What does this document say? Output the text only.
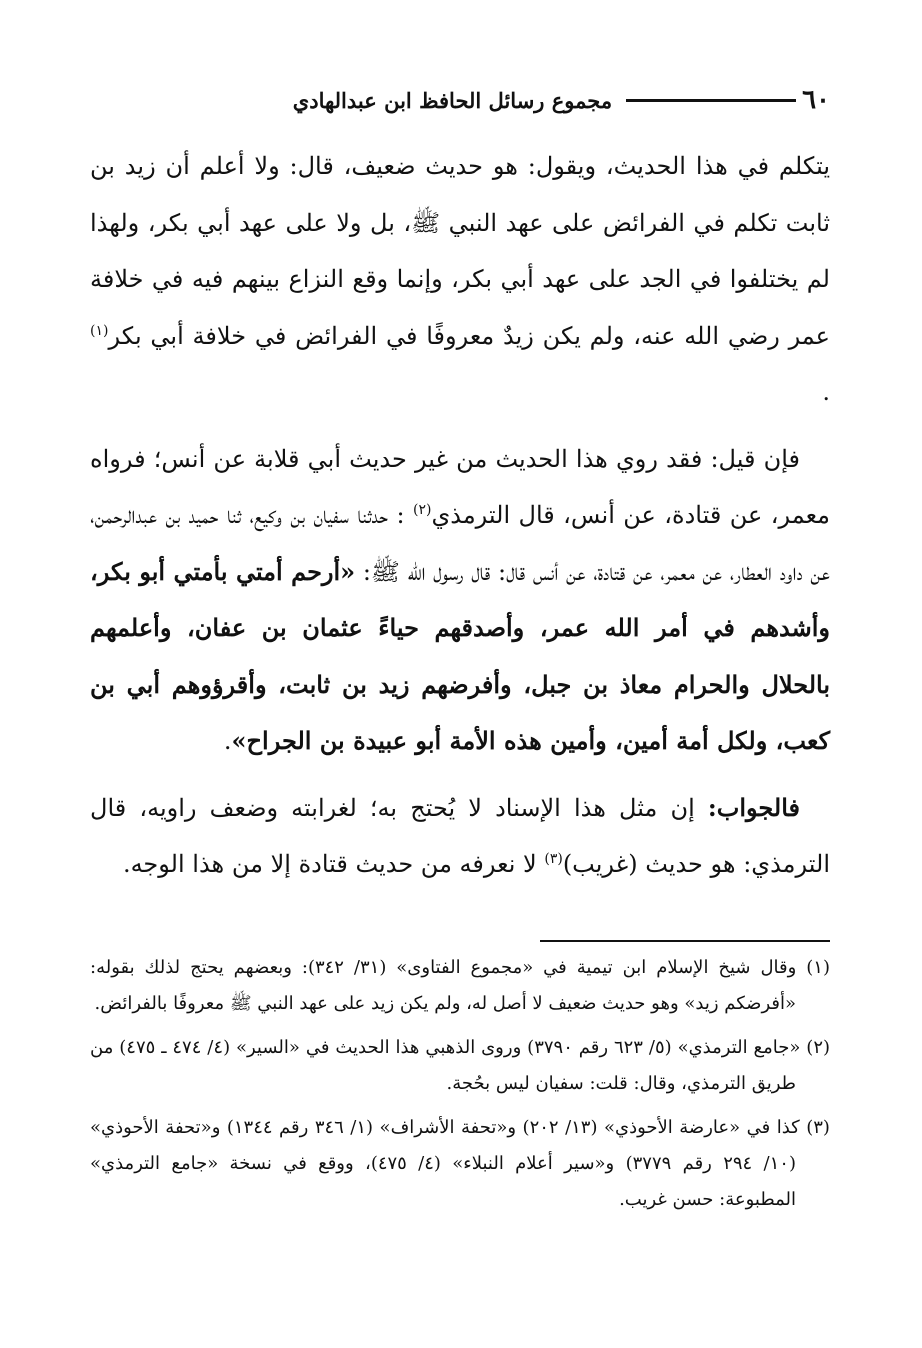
٦٠
مجموع رسائل الحافظ ابن عبدالهادي

يتكلم في هذا الحديث، ويقول: هو حديث ضعيف، قال: ولا أعلم أن زيد بن ثابت تكلم في الفرائض على عهد النبي ﷺ، بل ولا على عهد أبي بكر، ولهذا لم يختلفوا في الجد على عهد أبي بكر، وإنما وقع النزاع بينهم فيه في خلافة عمر رضي الله عنه، ولم يكن زيدٌ معروفًا في الفرائض في خلافة أبي بكر$^{(١)}$ .

فإن قيل: فقد روي هذا الحديث من غير حديث أبي قلابة عن أنس؛ فرواه معمر، عن قتادة، عن أنس، قال الترمذي$^{(٢)}$ : حدثنا سفيان بن وكيع، ثنا حميد بن عبدالرحمن، عن داود العطار، عن معمر، عن قتادة، عن أنس قال: قال رسول الله ﷺ: «أرحم أمتي بأمتي أبو بكر، وأشدهم في أمر الله عمر، وأصدقهم حياءً عثمان بن عفان، وأعلمهم بالحلال والحرام معاذ بن جبل، وأفرضهم زيد بن ثابت، وأقرؤوهم أبي بن كعب، ولكل أمة أمين، وأمين هذه الأمة أبو عبيدة بن الجراح».

فالجواب: إن مثل هذا الإسناد لا يُحتج به؛ لغرابته وضعف راويه، قال الترمذي: هو حديث (غريب)$^{(٣)}$ لا نعرفه من حديث قتادة إلا من هذا الوجه.

(١) وقال شيخ الإسلام ابن تيمية في «مجموع الفتاوى» (٣١/ ٣٤٢): وبعضهم يحتج لذلك بقوله: «أفرضكم زيد» وهو حديث ضعيف لا أصل له، ولم يكن زيد على عهد النبي ﷺ معروفًا بالفرائض.

(٢) «جامع الترمذي» (٥/ ٦٢٣ رقم ٣٧٩٠) وروى الذهبي هذا الحديث في «السير» (٤/ ٤٧٤ ـ ٤٧٥) من طريق الترمذي، وقال: قلت: سفيان ليس بحُجة.

(٣) كذا في «عارضة الأحوذي» (١٣/ ٢٠٢) و«تحفة الأشراف» (١/ ٣٤٦ رقم ١٣٤٤) و«تحفة الأحوذي» (١٠/ ٢٩٤ رقم ٣٧٧٩) و«سير أعلام النبلاء» (٤/ ٤٧٥)، ووقع في نسخة «جامع الترمذي» المطبوعة: حسن غريب.
